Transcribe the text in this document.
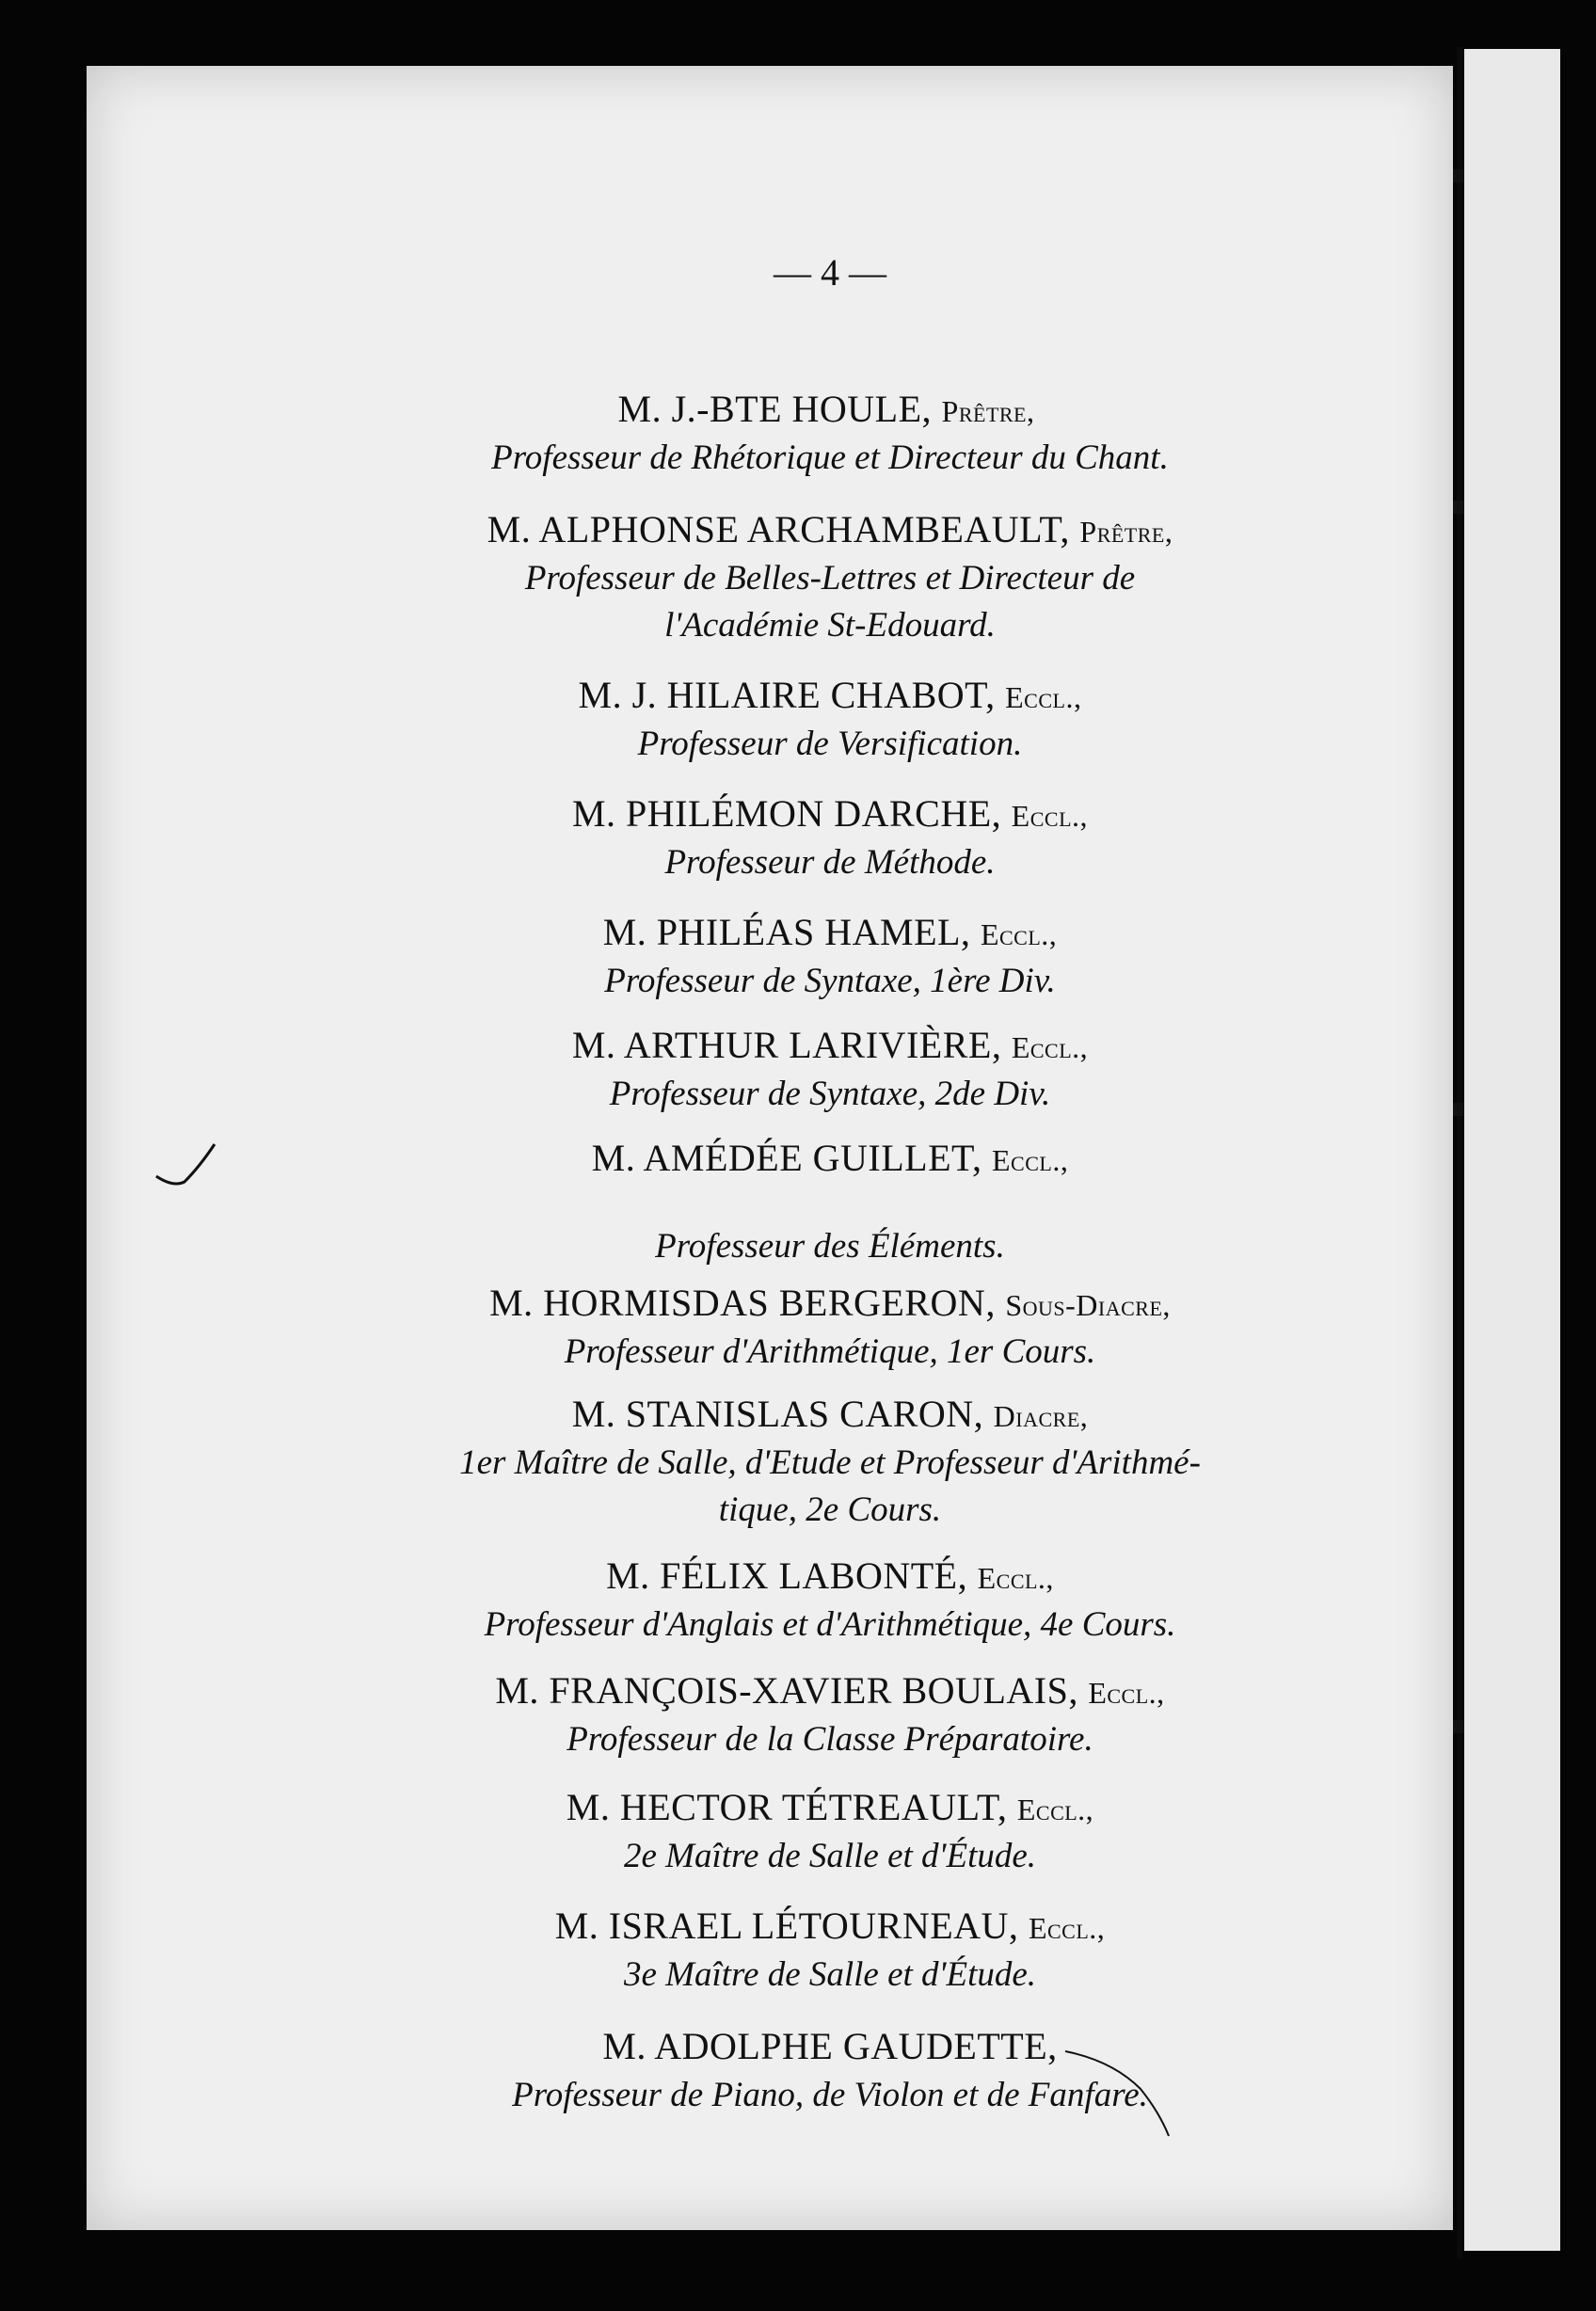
— 4 —
M. J.-BTE HOULE, Prêtre,
Professeur de Rhétorique et Directeur du Chant.
M. ALPHONSE ARCHAMBEAULT, Prêtre,
Professeur de Belles-Lettres et Directeur de
l'Académie St-Edouard.
M. J. HILAIRE CHABOT, Eccl.,
Professeur de Versification.
M. PHILÉMON DARCHE, Eccl.,
Professeur de Méthode.
M. PHILÉAS HAMEL, Eccl.,
Professeur de Syntaxe, 1ère Div.
M. ARTHUR LARIVIÈRE, Eccl.,
Professeur de Syntaxe, 2de Div.
M. AMÉDÉE GUILLET, Eccl.,
Professeur des Éléments.
M. HORMISDAS BERGERON, Sous-Diacre,
Professeur d'Arithmétique, 1er Cours.
M. STANISLAS CARON, Diacre,
1er Maître de Salle, d'Etude et Professeur d'Arithmé-
tique, 2e Cours.
M. FÉLIX LABONTÉ, Eccl.,
Professeur d'Anglais et d'Arithmétique, 4e Cours.
M. FRANÇOIS-XAVIER BOULAIS, Eccl.,
Professeur de la Classe Préparatoire.
M. HECTOR TÉTREAULT, Eccl.,
2e Maître de Salle et d'Étude.
M. ISRAEL LÉTOURNEAU, Eccl.,
3e Maître de Salle et d'Étude.
M. ADOLPHE GAUDETTE,
Professeur de Piano, de Violon et de Fanfare.
